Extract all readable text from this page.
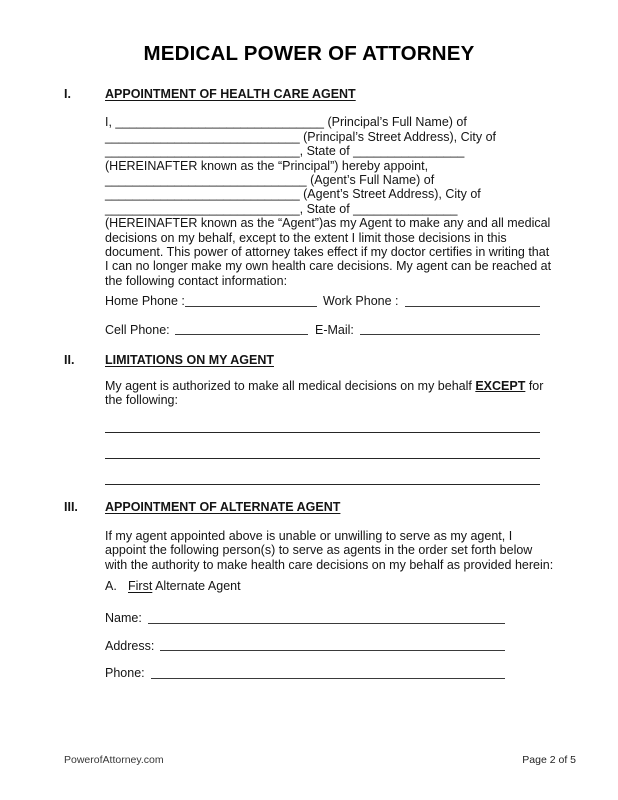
MEDICAL POWER OF ATTORNEY
I.	APPOINTMENT OF HEALTH CARE AGENT
I, ______________________________ (Principal’s Full Name) of
____________________________ (Principal’s Street Address), City of
____________________________, State of ________________
(HEREINAFTER known as the “Principal”) hereby appoint,
_____________________________ (Agent’s Full Name) of
____________________________ (Agent’s Street Address), City of
____________________________, State of _______________
(HEREINAFTER known as the “Agent”)as my Agent to make any and all medical
decisions on my behalf, except to the extent I limit those decisions in this
document. This power of attorney takes effect if my doctor certifies in writing that
I can no longer make my own health care decisions. My agent can be reached at
the following contact information:
Home Phone :	Work Phone :
Cell Phone:	E-Mail:
II.	LIMITATIONS ON MY AGENT
My agent is authorized to make all medical decisions on my behalf EXCEPT for
the following:
III.	APPOINTMENT OF ALTERNATE AGENT
If my agent appointed above is unable or unwilling to serve as my agent, I
appoint the following person(s) to serve as agents in the order set forth below
with the authority to make health care decisions on my behalf as provided herein:
A. First Alternate Agent
Name:
Address:
Phone:
PowerofAttorney.com	Page 2 of 5
